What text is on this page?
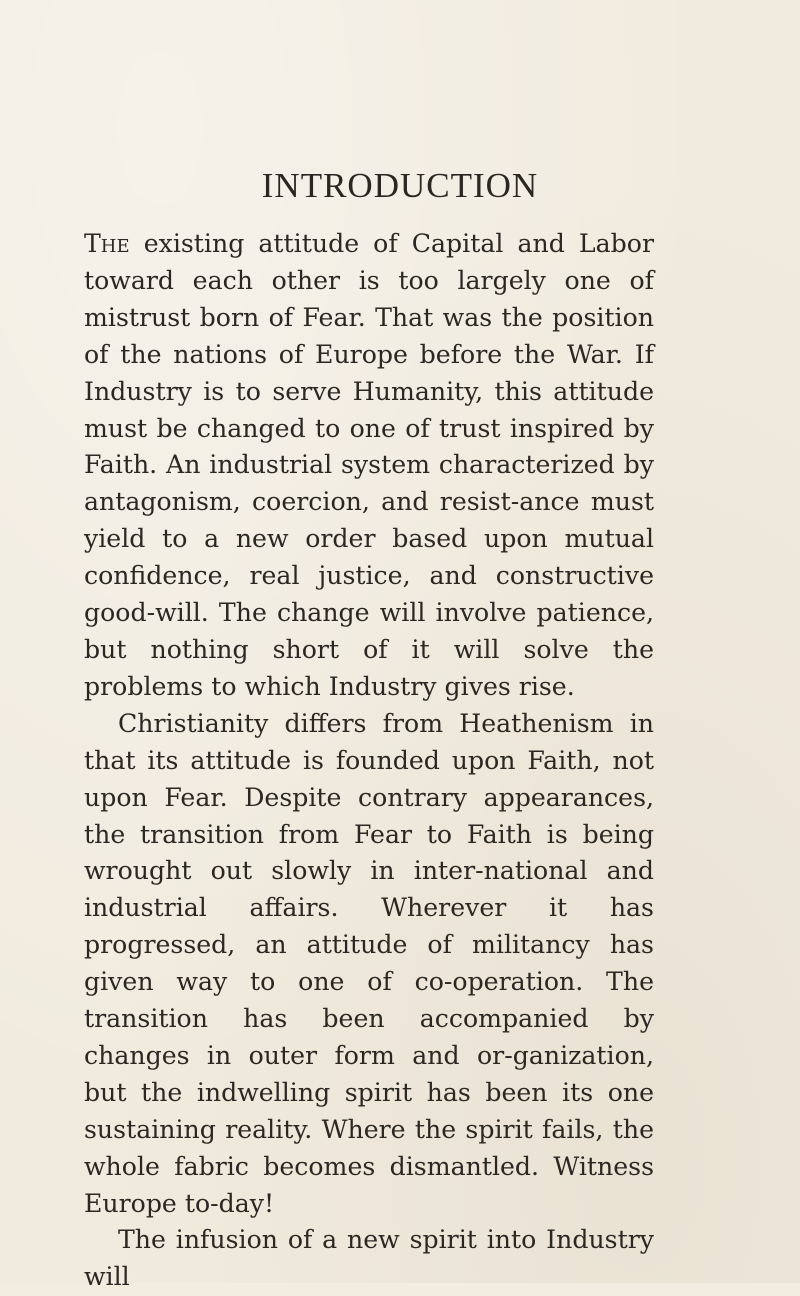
INTRODUCTION

The existing attitude of Capital and Labor toward each other is too largely one of mistrust born of Fear. That was the position of the nations of Europe before the War. If Industry is to serve Humanity, this attitude must be changed to one of trust inspired by Faith. An industrial system characterized by antagonism, coercion, and resist-ance must yield to a new order based upon mutual confidence, real justice, and constructive good-will. The change will involve patience, but nothing short of it will solve the problems to which Industry gives rise.

Christianity differs from Heathenism in that its attitude is founded upon Faith, not upon Fear. Despite contrary appearances, the transition from Fear to Faith is being wrought out slowly in inter-national and industrial affairs. Wherever it has progressed, an attitude of militancy has given way to one of co-operation. The transition has been accompanied by changes in outer form and or-ganization, but the indwelling spirit has been its one sustaining reality. Where the spirit fails, the whole fabric becomes dismantled. Witness Europe to-day!

The infusion of a new spirit into Industry will
